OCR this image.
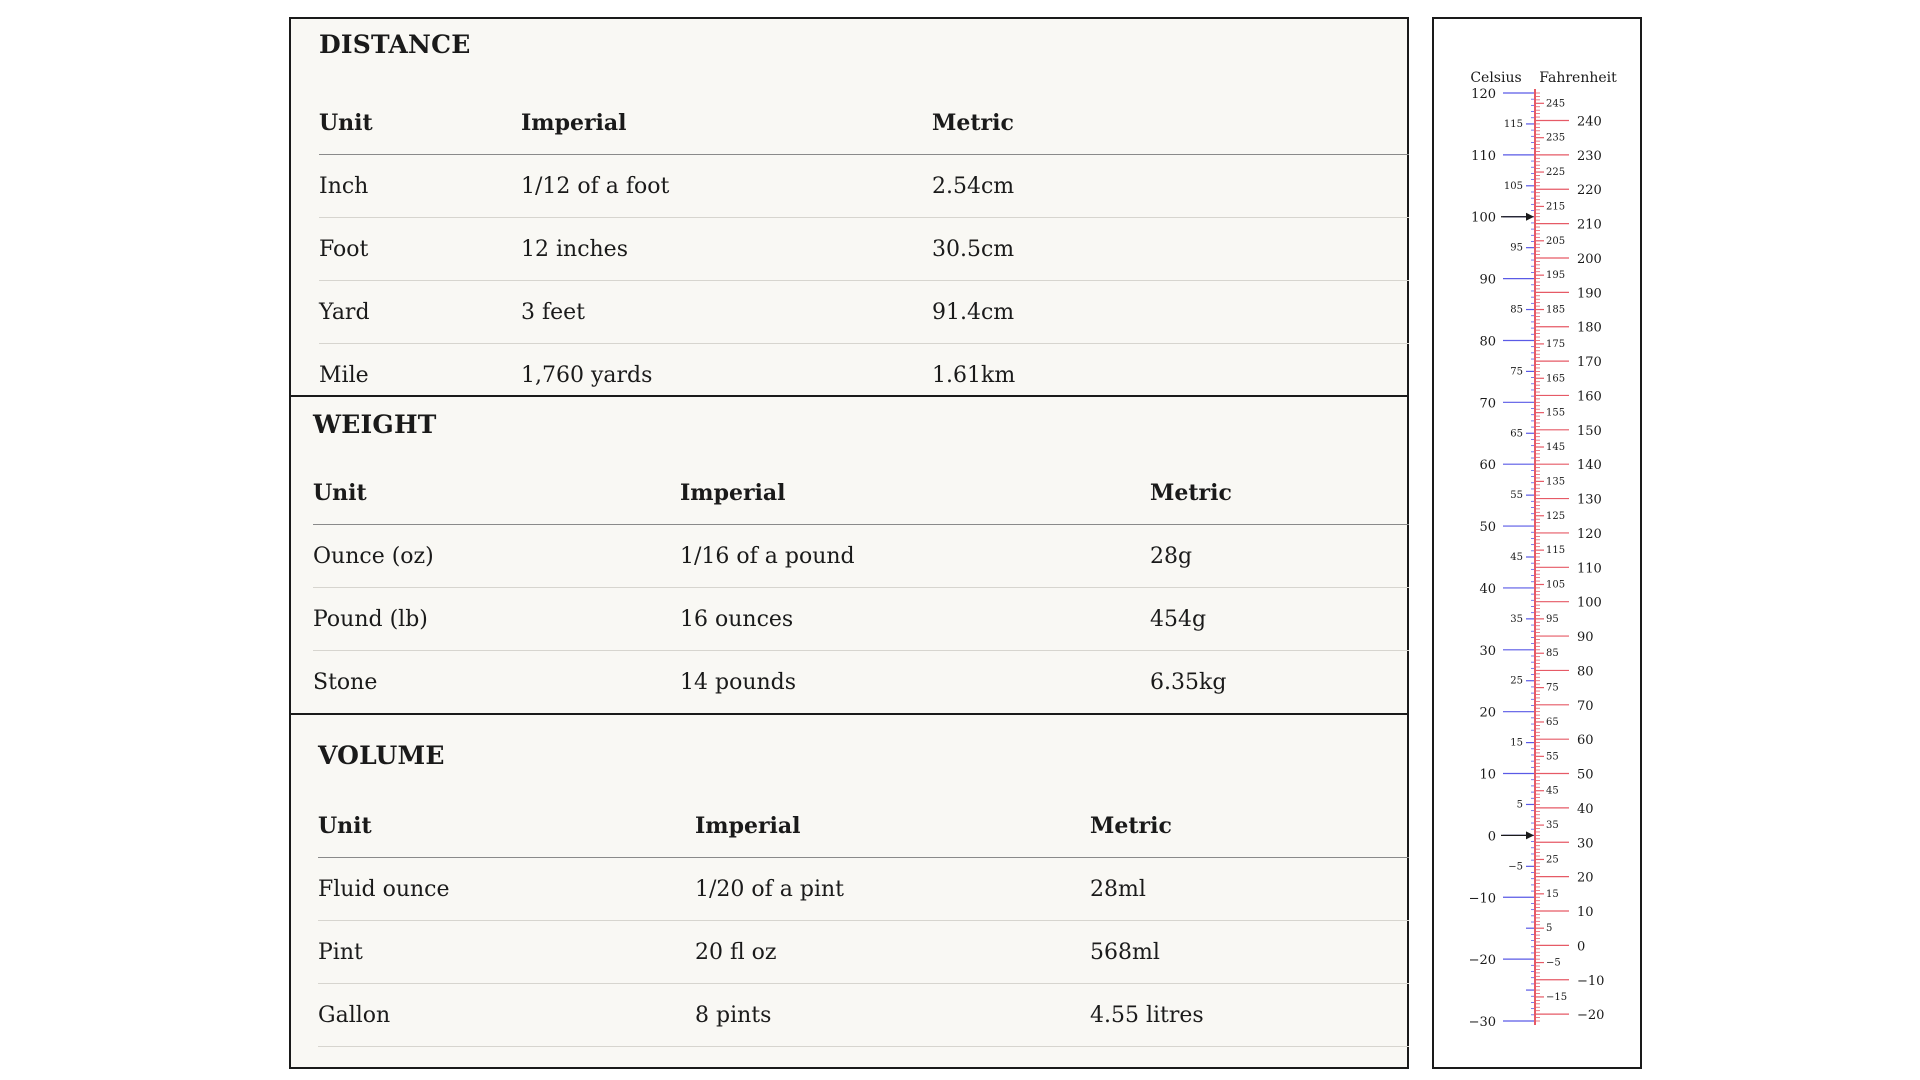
DISTANCE
Unit	Imperial	Metric
Inch	1/12 of a foot	2.54cm
Foot	12 inches	30.5cm
Yard	3 feet	91.4cm
Mile	1,760 yards	1.61km
WEIGHT
Unit	Imperial	Metric
Ounce (oz)	1/16 of a pound	28g
Pound (lb)	16 ounces	454g
Stone	14 pounds	6.35kg
VOLUME
Unit	Imperial	Metric
Fluid ounce	1/20 of a pint	28ml
Pint	20 fl oz	568ml
Gallon	8 pints	4.55 litres
Celsius Fahrenheit
−30
−20
−10
0
10
20
30
40
50
60
70
80
90
100
110
120
−5
5
15
25
35
45
55
65
75
85
95
105
115
−20
−10
0
10
20
30
40
50
60
70
80
90
100
110
120
130
140
150
160
170
180
190
200
210
220
230
240
−15
−5
5
15
25
35
45
55
65
75
85
95
105
115
125
135
145
155
165
175
185
195
205
215
225
235
245
